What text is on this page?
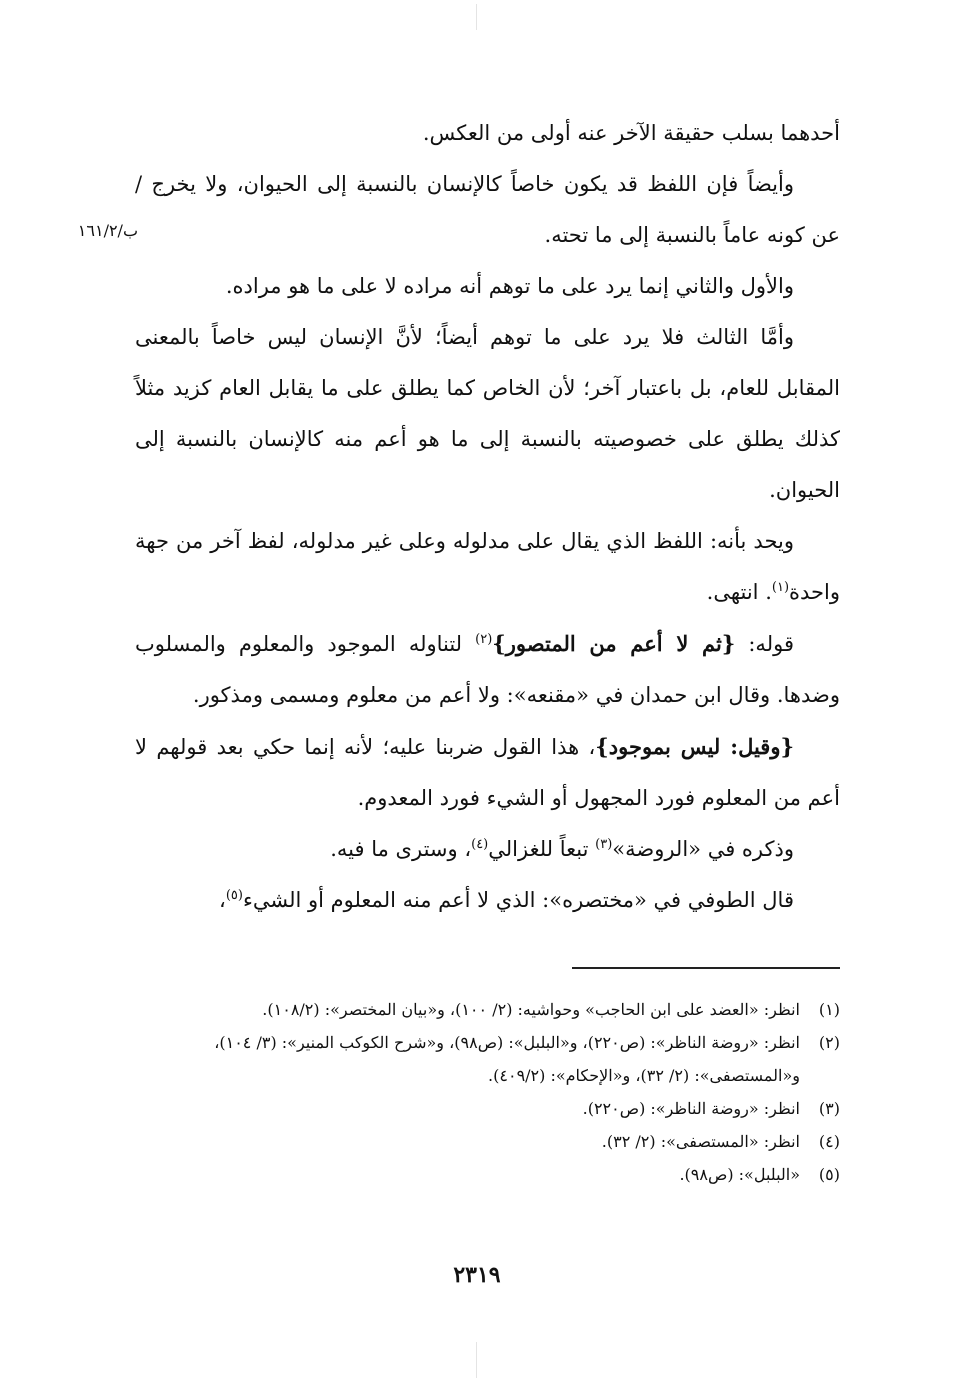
أحدهما بسلب حقيقة الآخر عنه أولى من العكس.

وأيضاً فإن اللفظ قد يكون خاصاً كالإنسان بالنسبة إلى الحيوان، ولا يخرج / عن كونه عاماً بالنسبة إلى ما تحته.

والأول والثاني إنما يرد على ما توهم أنه مراده لا على ما هو مراده.

وأمَّا الثالث فلا يرد على ما توهم أيضاً؛ لأنَّ الإنسان ليس خاصاً بالمعنى المقابل للعام، بل باعتبار آخر؛ لأن الخاص كما يطلق على ما يقابل العام كزيد مثلاً كذلك يطلق على خصوصيته بالنسبة إلى ما هو أعم منه كالإنسان بالنسبة إلى الحيوان.

ويحد بأنه: اللفظ الذي يقال على مدلوله وعلى غير مدلوله، لفظ آخر من جهة واحدة$^{(١)}$. انتهى.

قوله: {ثم لا أعم من المتصور}$^{(٢)}$ لتناوله الموجود والمعلوم والمسلوب وضدها. وقال ابن حمدان في «مقنعه»: ولا أعم من معلوم ومسمى ومذكور.

{وقيل: ليس بموجود}، هذا القول ضربنا عليه؛ لأنه إنما حكي بعد قولهم لا أعم من المعلوم فورد المجهول أو الشيء فورد المعدوم.

وذكره في «الروضة»$^{(٣)}$ تبعاً للغزالي$^{(٤)}$، وسترى ما فيه.

قال الطوفي في «مختصره»: الذي لا أعم منه المعلوم أو الشيء$^{(٥)}$،

ب/١٦١/٢
(١)
انظر: «العضد على ابن الحاجب» وحواشيه: (٢/ ١٠٠)، و«بيان المختصر»: (١٠٨/٢).
(٢)
انظر: «روضة الناظر»: (ص٢٢٠)، و«البلبل»: (ص٩٨)، و«شرح الكوكب المنير»: (٣/ ١٠٤)، و«المستصفى»: (٢/ ٣٢)، و«الإحكام»: (٤٠٩/٢).
(٣)
انظر: «روضة الناظر»: (ص٢٢٠).
(٤)
انظر: «المستصفى»: (٢/ ٣٢).
(٥)
«البلبل»: (ص٩٨).
٢٣١٩
